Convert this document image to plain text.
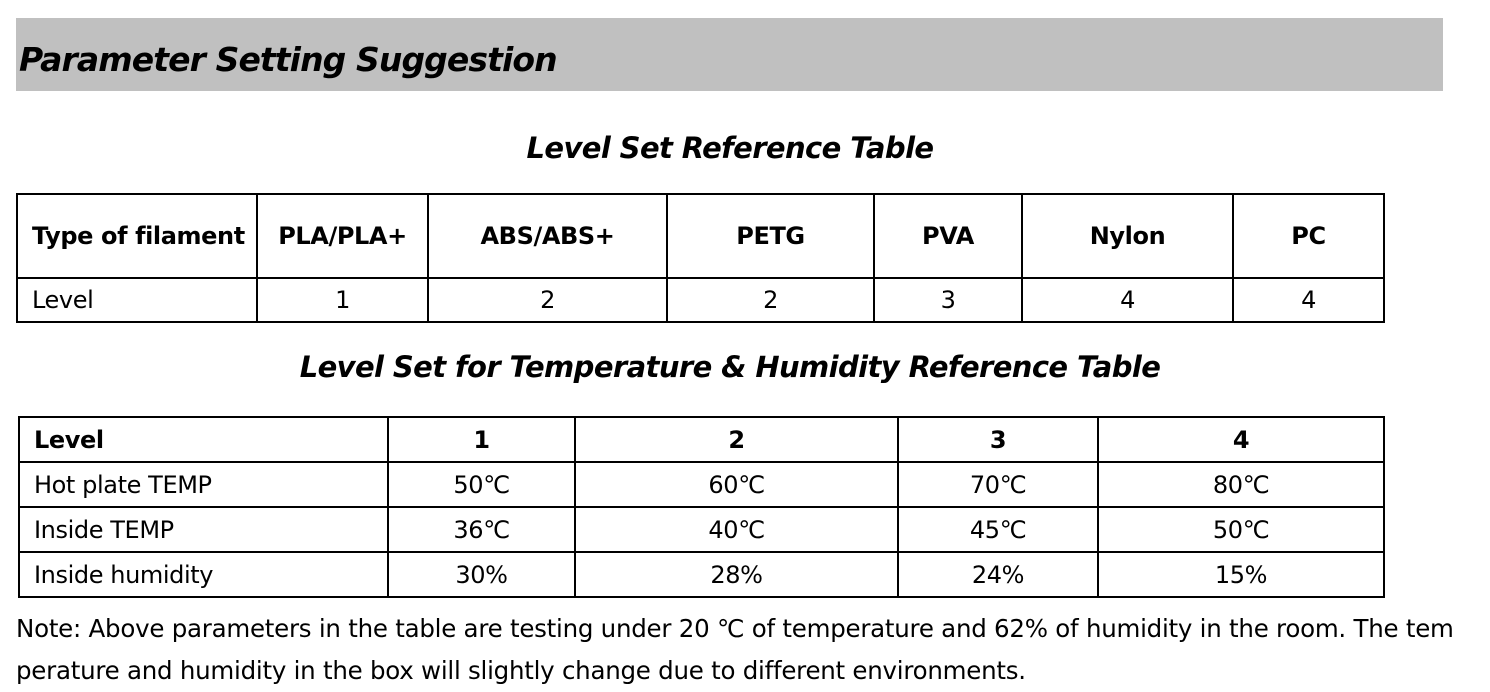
Parameter Setting Suggestion
Level Set Reference Table
Type of filament	PLA/PLA+	ABS/ABS+	PETG	PVA	Nylon	PC
Level	1	2	2	3	4	4
Level Set for Temperature & Humidity Reference Table
Level	1	2	3	4
Hot plate TEMP	50℃	60℃	70℃	80℃
Inside TEMP	36℃	40℃	45℃	50℃
Inside humidity	30%	28%	24%	15%
Note: Above parameters in the table are testing under 20 ℃ of temperature and 62% of humidity in the room. The temperature and humidity in the box will slightly change due to different environments.
